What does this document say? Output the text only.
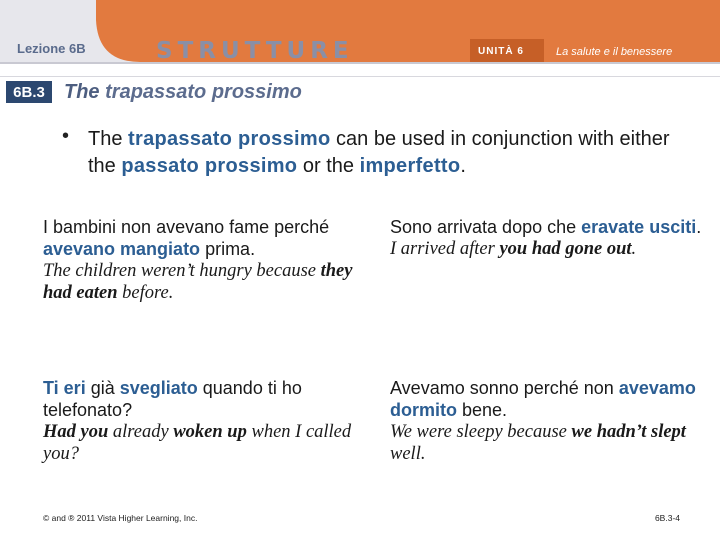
Lezione 6B	STRUTTURE	UNITÀ 6	La salute e il benessere
6B.3 The trapassato prossimo
• The trapassato prossimo can be used in conjunction with either the passato prossimo or the imperfetto.
I bambini non avevano fame perché avevano mangiato prima.
The children weren’t hungry because they had eaten before.
Sono arrivata dopo che eravate usciti.
I arrived after you had gone out.
Ti eri già svegliato quando ti ho telefonato?
Had you already woken up when I called you?
Avevamo sonno perché non avevamo dormito bene.
We were sleepy because we hadn’t slept well.
© and ® 2011 Vista Higher Learning, Inc.	6B.3-4
